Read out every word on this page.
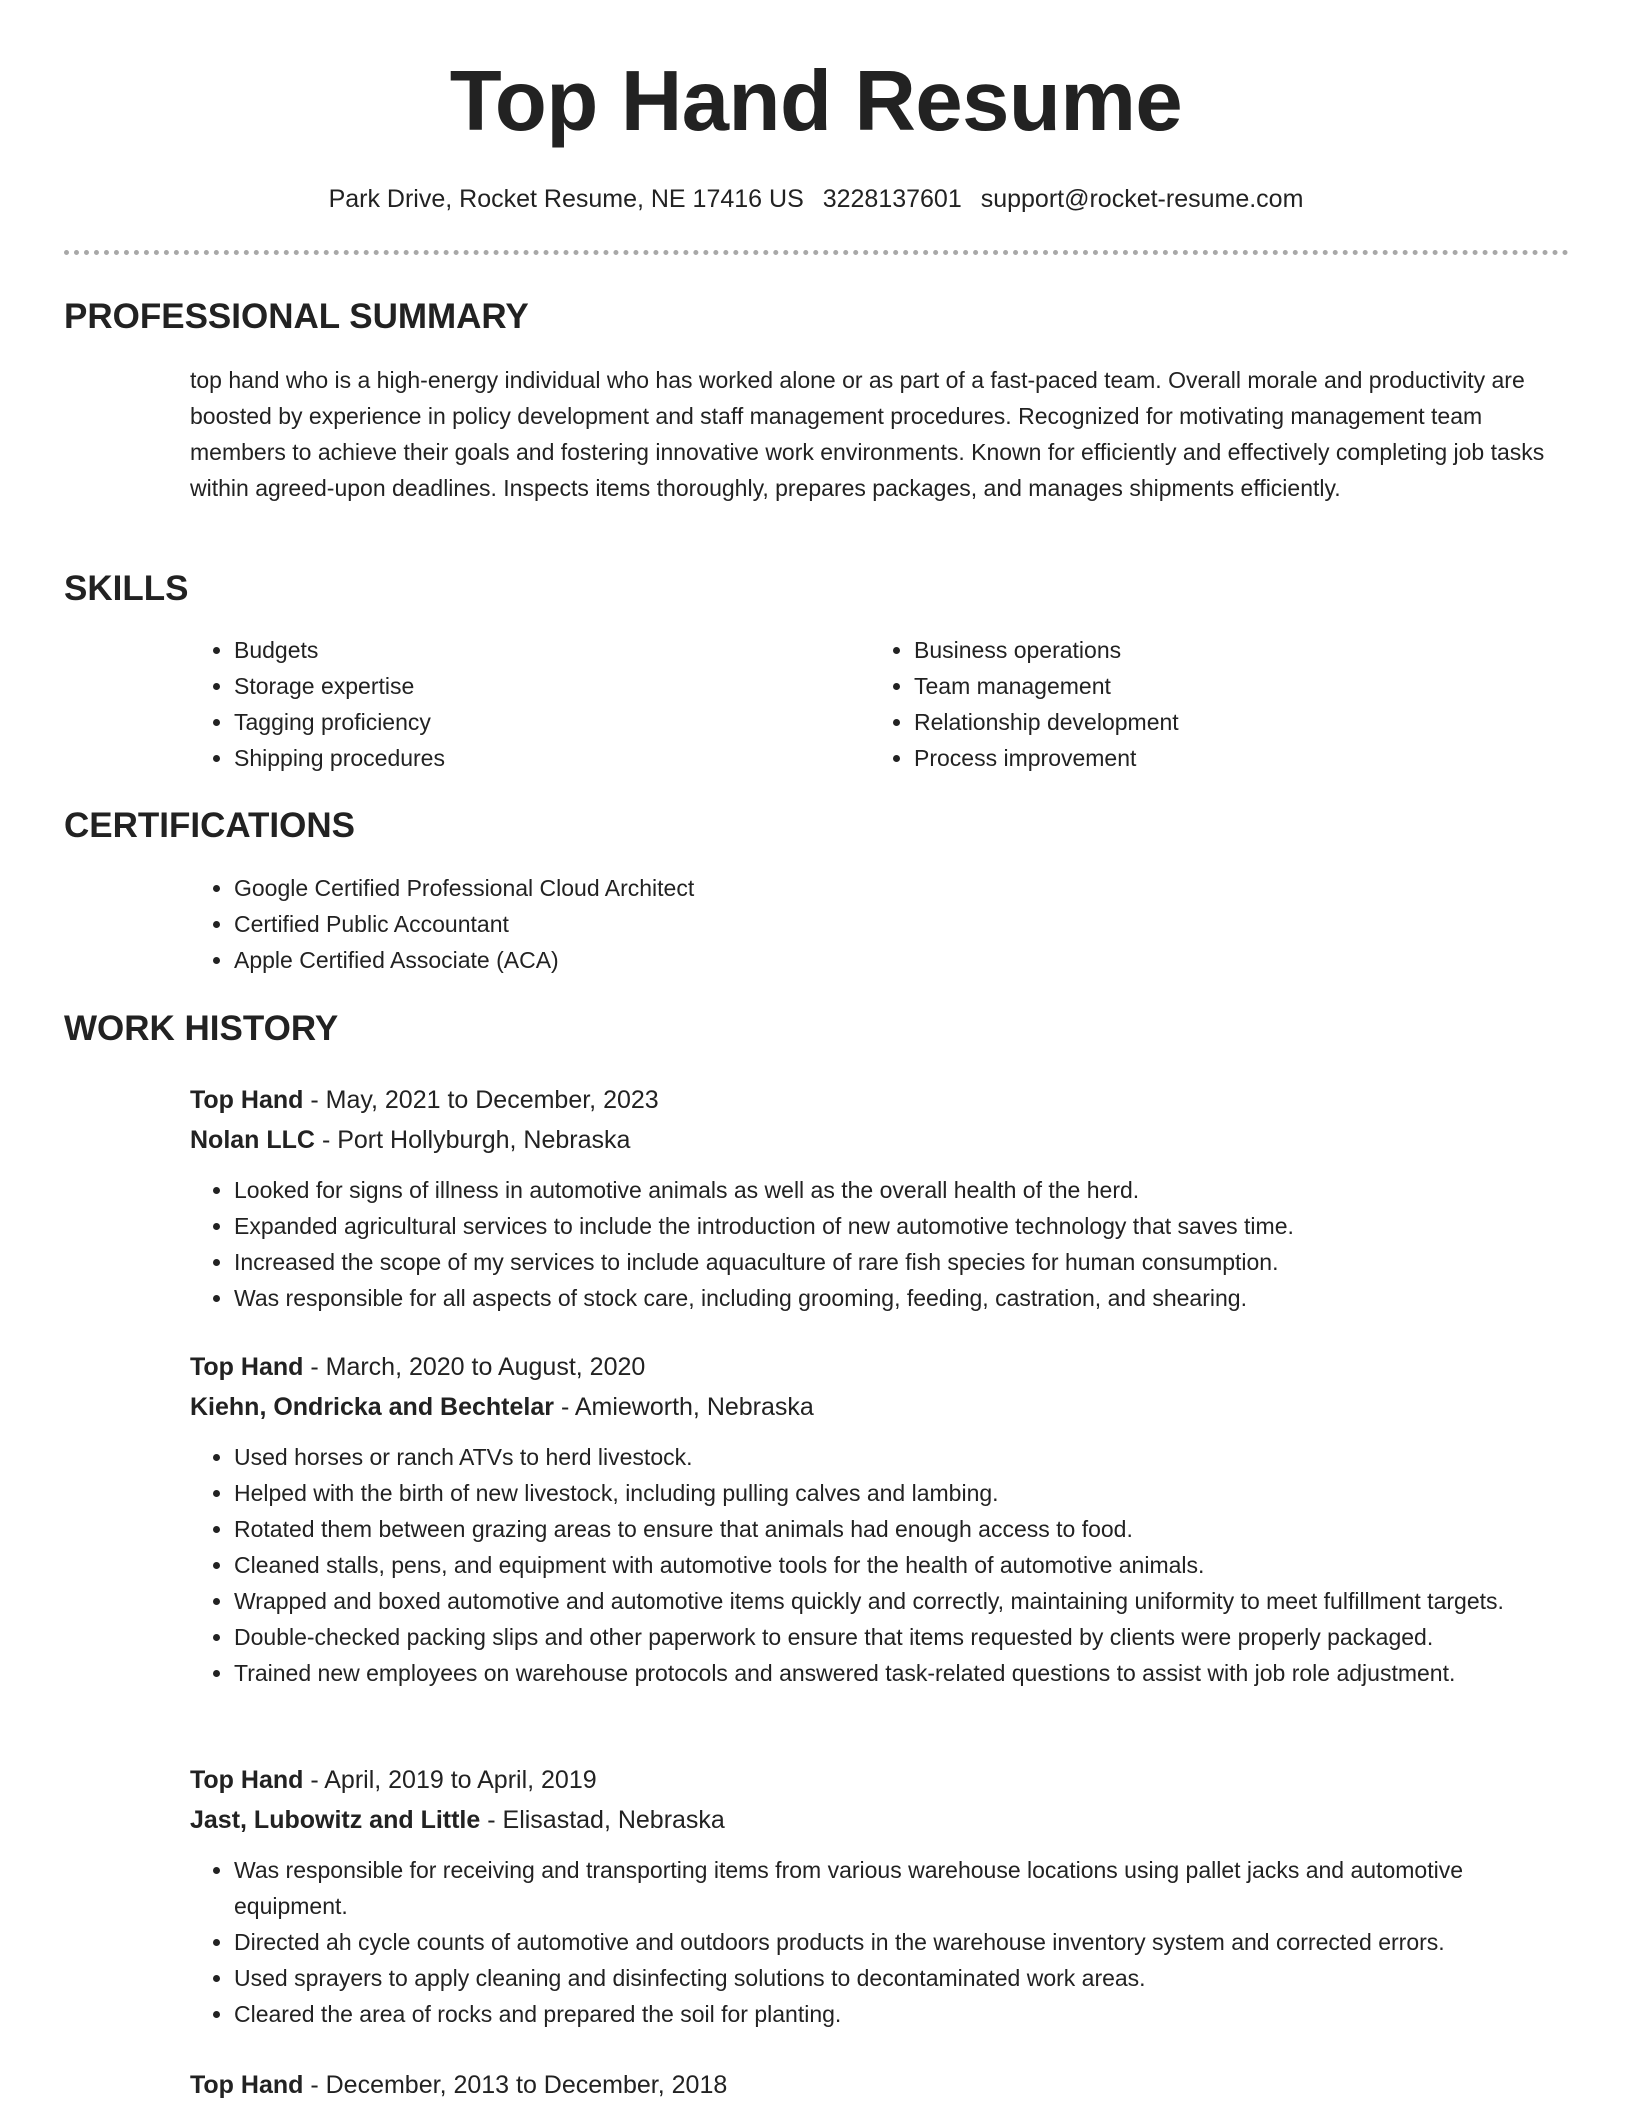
Top Hand Resume
Park Drive, Rocket Resume, NE 17416 US 3228137601 support@rocket-resume.com
PROFESSIONAL SUMMARY
top hand who is a high-energy individual who has worked alone or as part of a fast-paced team. Overall morale and productivity are boosted by experience in policy development and staff management procedures. Recognized for motivating management team members to achieve their goals and fostering innovative work environments. Known for efficiently and effectively completing job tasks within agreed-upon deadlines. Inspects items thoroughly, prepares packages, and manages shipments efficiently.
SKILLS
• Budgets
• Storage expertise
• Tagging proficiency
• Shipping procedures
• Business operations
• Team management
• Relationship development
• Process improvement
CERTIFICATIONS
• Google Certified Professional Cloud Architect
• Certified Public Accountant
• Apple Certified Associate (ACA)
WORK HISTORY
Top Hand - May, 2021 to December, 2023
Nolan LLC - Port Hollyburgh, Nebraska
• Looked for signs of illness in automotive animals as well as the overall health of the herd.
• Expanded agricultural services to include the introduction of new automotive technology that saves time.
• Increased the scope of my services to include aquaculture of rare fish species for human consumption.
• Was responsible for all aspects of stock care, including grooming, feeding, castration, and shearing.
Top Hand - March, 2020 to August, 2020
Kiehn, Ondricka and Bechtelar - Amieworth, Nebraska
• Used horses or ranch ATVs to herd livestock.
• Helped with the birth of new livestock, including pulling calves and lambing.
• Rotated them between grazing areas to ensure that animals had enough access to food.
• Cleaned stalls, pens, and equipment with automotive tools for the health of automotive animals.
• Wrapped and boxed automotive and automotive items quickly and correctly, maintaining uniformity to meet fulfillment targets.
• Double-checked packing slips and other paperwork to ensure that items requested by clients were properly packaged.
• Trained new employees on warehouse protocols and answered task-related questions to assist with job role adjustment.
Top Hand - April, 2019 to April, 2019
Jast, Lubowitz and Little - Elisastad, Nebraska
• Was responsible for receiving and transporting items from various warehouse locations using pallet jacks and automotive equipment.
• Directed ah cycle counts of automotive and outdoors products in the warehouse inventory system and corrected errors.
• Used sprayers to apply cleaning and disinfecting solutions to decontaminated work areas.
• Cleared the area of rocks and prepared the soil for planting.
Top Hand - December, 2013 to December, 2018
